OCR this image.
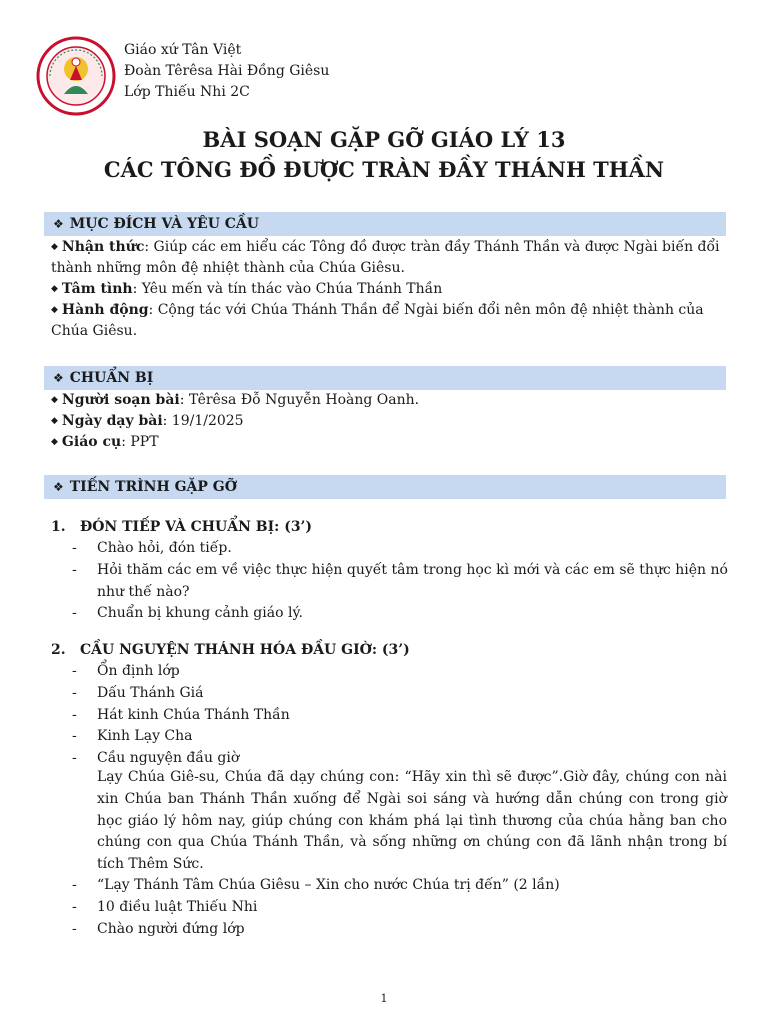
Giáo xứ Tân Việt
Đoàn Têrêsa Hài Đồng Giêsu
Lớp Thiếu Nhi 2C
BÀI SOẠN GẶP GỠ GIÁO LÝ 13
CÁC TÔNG ĐỒ ĐƯỢC TRÀN ĐẦY THÁNH THẦN
❖ MỤC ĐÍCH VÀ YÊU CẦU

◆ Nhận thức: Giúp các em hiểu các Tông đồ được tràn đầy Thánh Thần và được Ngài biến đổi thành những môn đệ nhiệt thành của Chúa Giêsu.

◆ Tâm tình: Yêu mến và tín thác vào Chúa Thánh Thần

◆ Hành động: Cộng tác với Chúa Thánh Thần để Ngài biến đổi nên môn đệ nhiệt thành của Chúa Giêsu.

❖ CHUẨN BỊ

◆ Người soạn bài: Têrêsa Đỗ Nguyễn Hoàng Oanh.

◆ Ngày dạy bài: 19/1/2025

◆ Giáo cụ: PPT

❖ TIẾN TRÌNH GẶP GỠ
1. ĐÓN TIẾP VÀ CHUẨN BỊ: (3’)
- Chào hỏi, đón tiếp.
- Hỏi thăm các em về việc thực hiện quyết tâm trong học kì mới và các em sẽ thực hiện nó như thế nào?
- Chuẩn bị khung cảnh giáo lý.
2. CẦU NGUYỆN THÁNH HÓA ĐẦU GIỜ: (3’)
- Ổn định lớp
- Dấu Thánh Giá
- Hát kinh Chúa Thánh Thần
- Kinh Lạy Cha
- Cầu nguyện đầu giờ
Lạy Chúa Giê-su, Chúa đã dạy chúng con: “Hãy xin thì sẽ được”.Giờ đây, chúng con nài xin Chúa ban Thánh Thần xuống để Ngài soi sáng và hướng dẫn chúng con trong giờ học giáo lý hôm nay, giúp chúng con khám phá lại tình thương của chúa hằng ban cho chúng con qua Chúa Thánh Thần, và sống những ơn chúng con đã lãnh nhận trong bí tích Thêm Sức.
- “Lạy Thánh Tâm Chúa Giêsu – Xin cho nước Chúa trị đến” (2 lần)
- 10 điều luật Thiếu Nhi
- Chào người đứng lớp
1
